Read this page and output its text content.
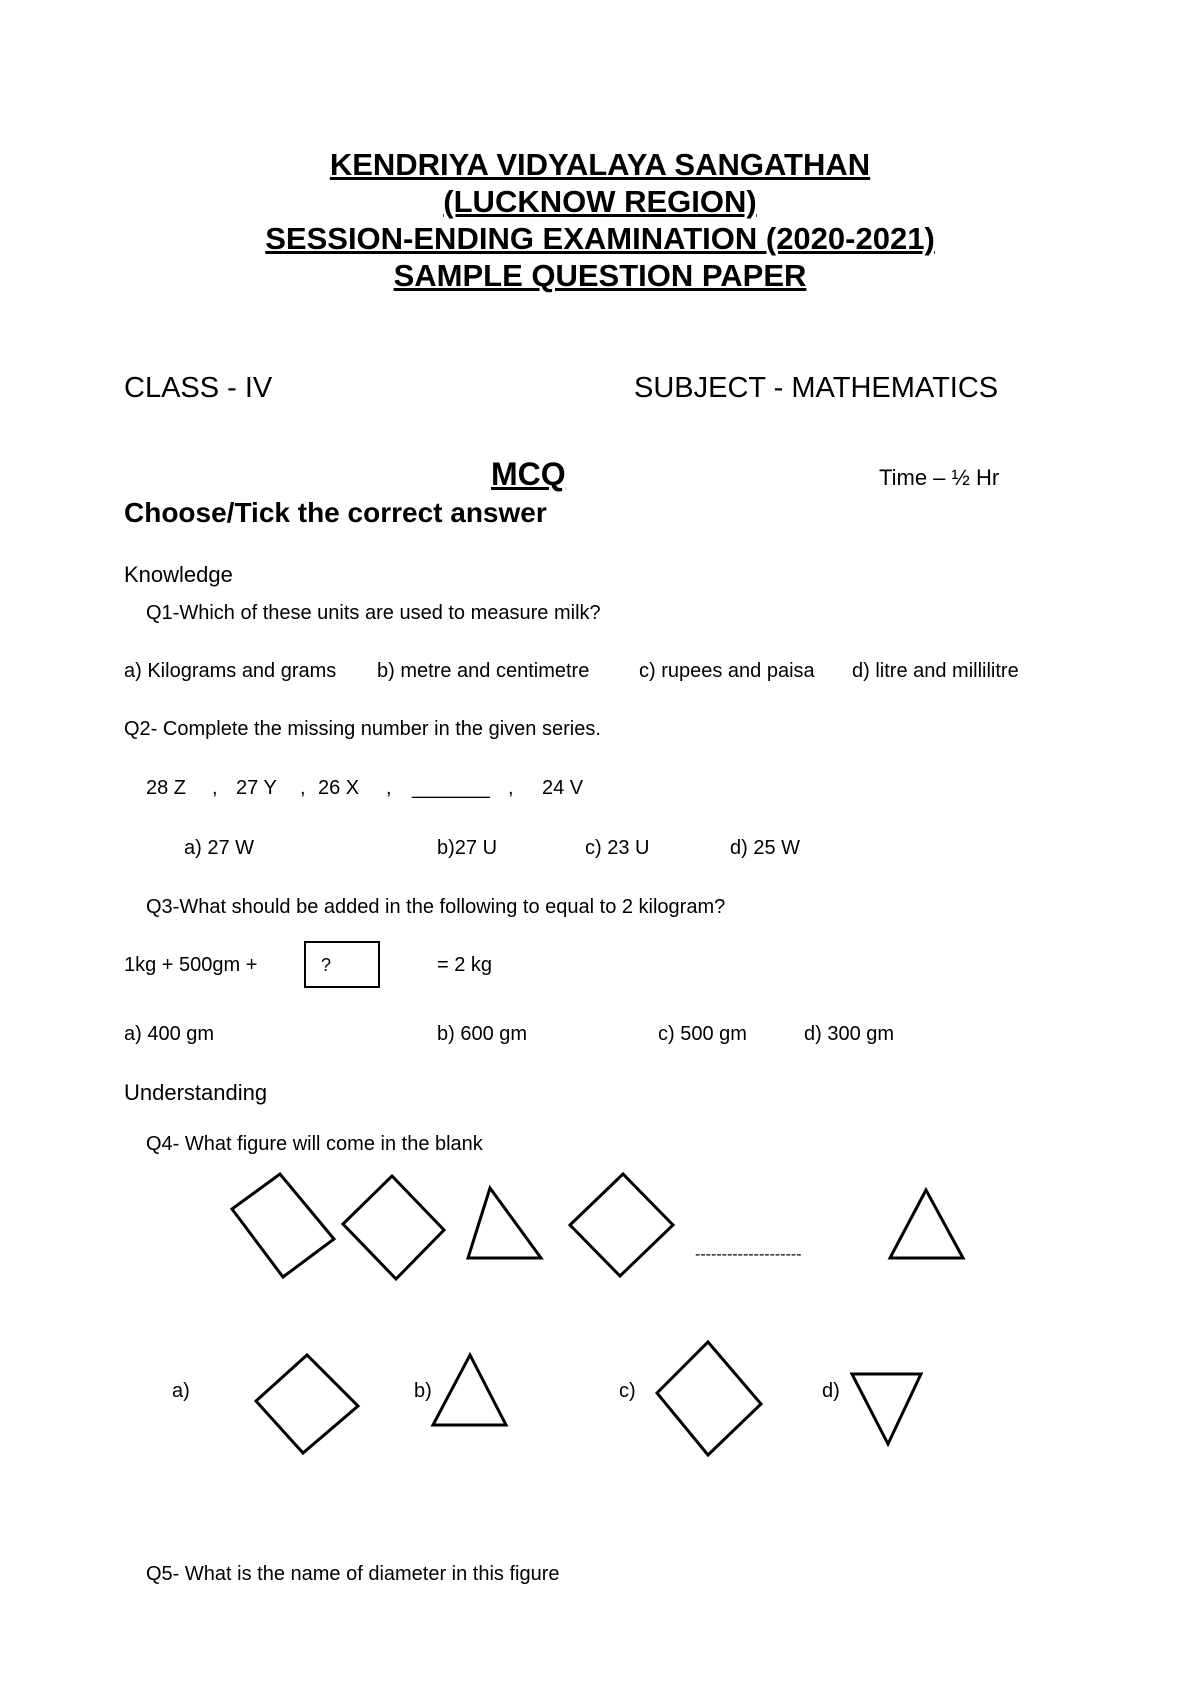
KENDRIYA VIDYALAYA SANGATHAN
(LUCKNOW REGION)
SESSION-ENDING EXAMINATION (2020-2021)
SAMPLE QUESTION PAPER
CLASS - IV	SUBJECT - MATHEMATICS
MCQ	Time – ½ Hr
Choose/Tick the correct answer
Knowledge
Q1-Which of these units are used to measure milk?
a) Kilograms and grams b) metre and centimetre c) rupees and paisa d) litre and millilitre
Q2- Complete the missing number in the given series.
28 Z , 27 Y , 26 X , _______ , 24 V
a) 27 W	b)27 U	c) 23 U	d) 25 W
Q3-What should be added in the following to equal to 2 kilogram?
1kg + 500gm +	?	= 2 kg
a) 400 gm	b) 600 gm	c) 500 gm	d) 300 gm
Understanding
Q4- What figure will come in the blank
--------------------
a)	b)	c)	d)
Q5- What is the name of diameter in this figure
